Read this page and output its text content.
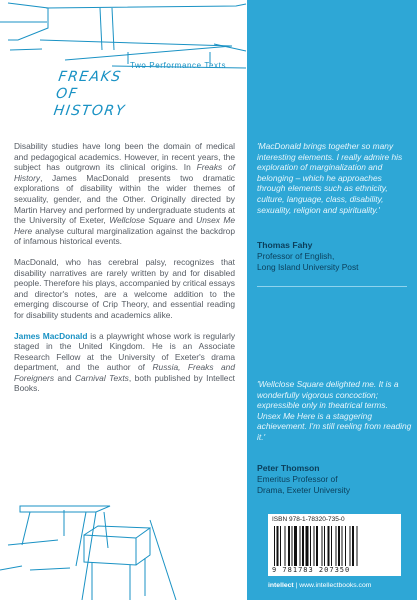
Two Performance Texts
FREAKS
OF
HISTORY

Disability studies have long been the domain of medical and pedagogical academics. However, in recent years, the subject has outgrown its clinical origins. In Freaks of History, James MacDonald presents two dramatic explorations of disability within the wider themes of sexuality, gender, and the Other. Originally directed by Martin Harvey and performed by undergraduate students at the University of Exeter, Wellclose Square and Unsex Me Here analyse cultural marginalization against the backdrop of infamous historical events.

MacDonald, who has cerebral palsy, recognizes that disability narratives are rarely written by and for disabled people. Therefore his plays, accompanied by critical essays and director's notes, are a welcome addition to the emerging discourse of Crip Theory, and essential reading for disability students and academics alike.

James MacDonald is a playwright whose work is regularly staged in the United Kingdom. He is an Associate Research Fellow at the University of Exeter's drama department, and the author of Russia, Freaks and Foreigners and Carnival Texts, both published by Intellect Books.

'MacDonald brings together so many interesting elements. I really admire his exploration of marginalization and belonging – which he approaches through elements such as ethnicity, culture, language, class, disability, sexuality, religion and spirituality.'
Thomas Fahy
Professor of English,
Long Island University Post
'Wellclose Square delighted me. It is a wonderfully vigorous concoction; expressible only in theatrical terms. Unsex Me Here is a staggering achievement. I'm still reeling from reading it.'
Peter Thomson
Emeritus Professor of
Drama, Exeter University
ISBN 978-1-78320-735-0
9 781783 207350
intellect | www.intellectbooks.com
